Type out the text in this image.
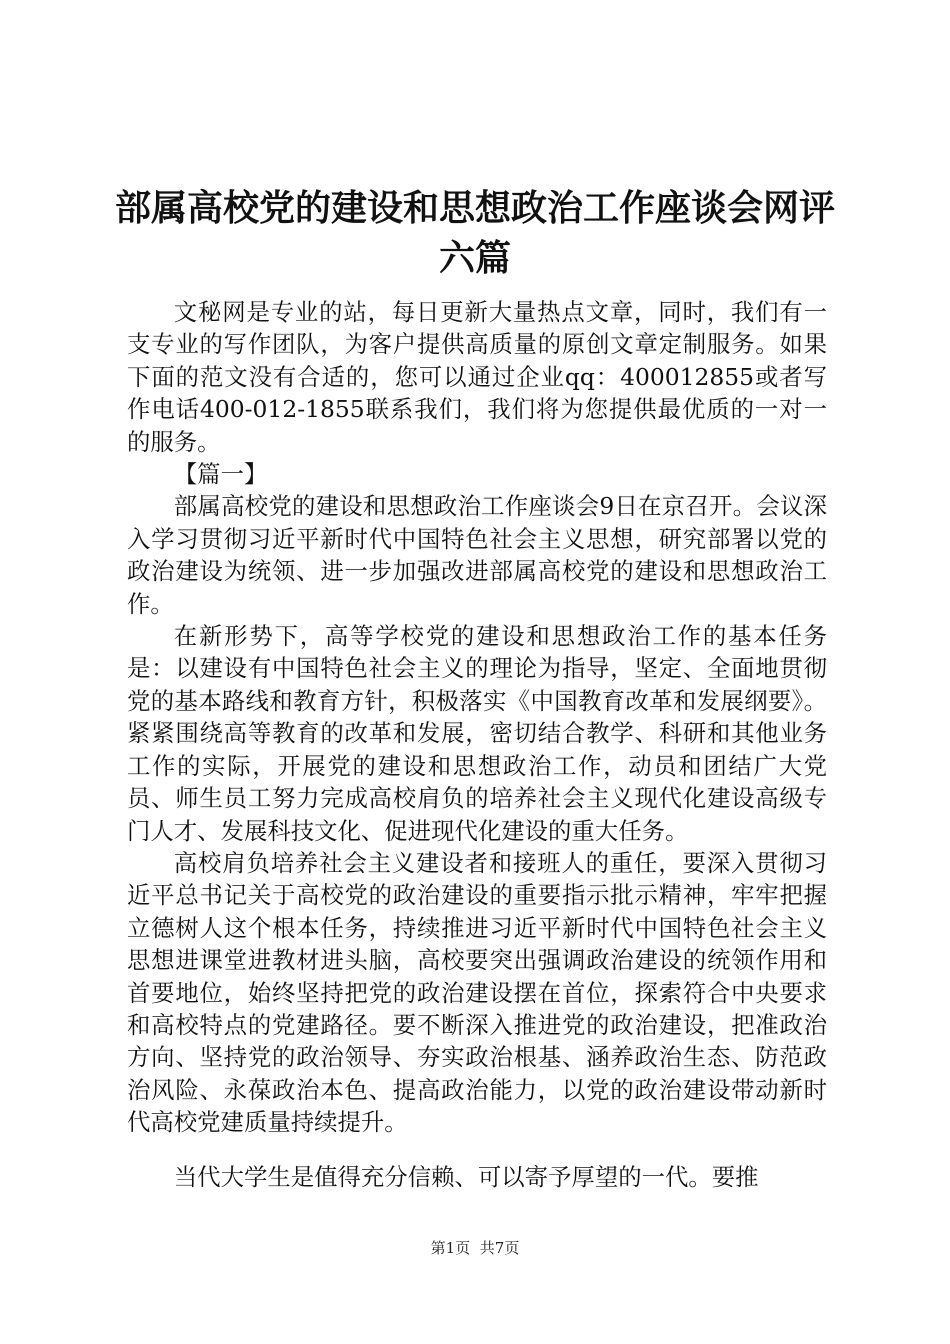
部属高校党的建设和思想政治工作座谈会网评
六篇

文秘网是专业的站，每日更新大量热点文章，同时，我们有一支专业的写作团队，为客户提供高质量的原创文章定制服务。如果下面的范文没有合适的，您可以通过企业qq：400012855或者写作电话400-012-1855联系我们，我们将为您提供最优质的一对一的服务。

【篇一】

部属高校党的建设和思想政治工作座谈会9日在京召开。会议深入学习贯彻习近平新时代中国特色社会主义思想，研究部署以党的政治建设为统领、进一步加强改进部属高校党的建设和思想政治工作。

在新形势下，高等学校党的建设和思想政治工作的基本任务是：以建设有中国特色社会主义的理论为指导，坚定、全面地贯彻党的基本路线和教育方针，积极落实《中国教育改革和发展纲要》。紧紧围绕高等教育的改革和发展，密切结合教学、科研和其他业务工作的实际，开展党的建设和思想政治工作，动员和团结广大党员、师生员工努力完成高校肩负的培养社会主义现代化建设高级专门人才、发展科技文化、促进现代化建设的重大任务。

高校肩负培养社会主义建设者和接班人的重任，要深入贯彻习近平总书记关于高校党的政治建设的重要指示批示精神，牢牢把握立德树人这个根本任务，持续推进习近平新时代中国特色社会主义思想进课堂进教材进头脑，高校要突出强调政治建设的统领作用和首要地位，始终坚持把党的政治建设摆在首位，探索符合中央要求和高校特点的党建路径。要不断深入推进党的政治建设，把准政治方向、坚持党的政治领导、夯实政治根基、涵养政治生态、防范政治风险、永葆政治本色、提高政治能力，以党的政治建设带动新时代高校党建质量持续提升。

当代大学生是值得充分信赖、可以寄予厚望的一代。要推

第1页  共7页
